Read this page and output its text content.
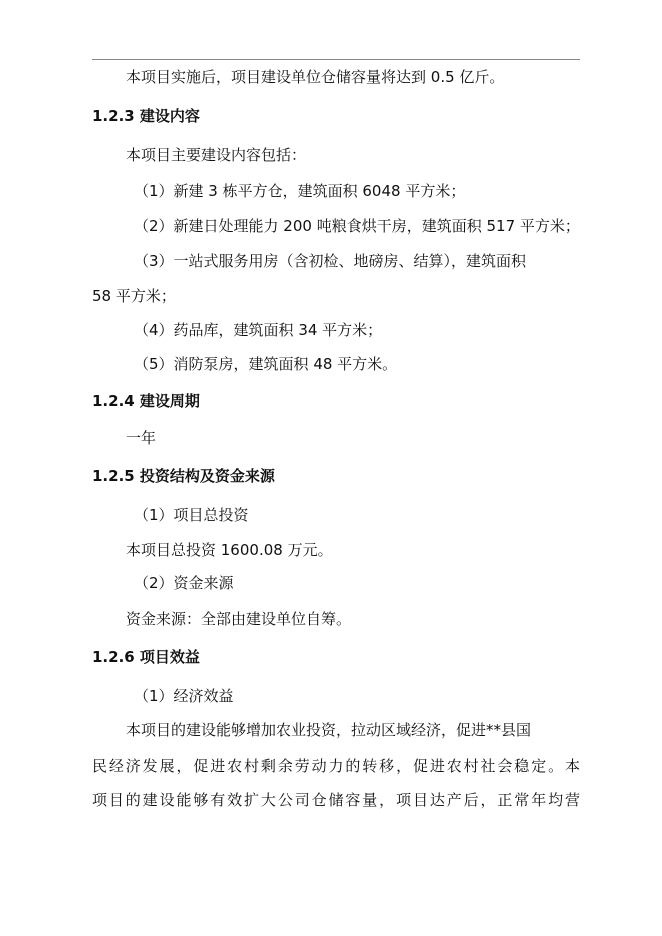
本项目实施后，项目建设单位仓储容量将达到 0.5 亿斤。
1.2.3 建设内容
本项目主要建设内容包括：
（1）新建 3 栋平方仓，建筑面积 6048 平方米；
（2）新建日处理能力 200 吨粮食烘干房，建筑面积 517 平方米；
（3）一站式服务用房（含初检、地磅房、结算），建筑面积
58 平方米；
（4）药品库，建筑面积 34 平方米；
（5）消防泵房，建筑面积 48 平方米。
1.2.4 建设周期
一年
1.2.5 投资结构及资金来源
（1）项目总投资
本项目总投资 1600.08 万元。
（2）资金来源
资金来源：全部由建设单位自筹。
1.2.6 项目效益
（1）经济效益
本项目的建设能够增加农业投资，拉动区域经济，促进**县国
民经济发展，促进农村剩余劳动力的转移，促进农村社会稳定。本
项目的建设能够有效扩大公司仓储容量，项目达产后，正常年均营
